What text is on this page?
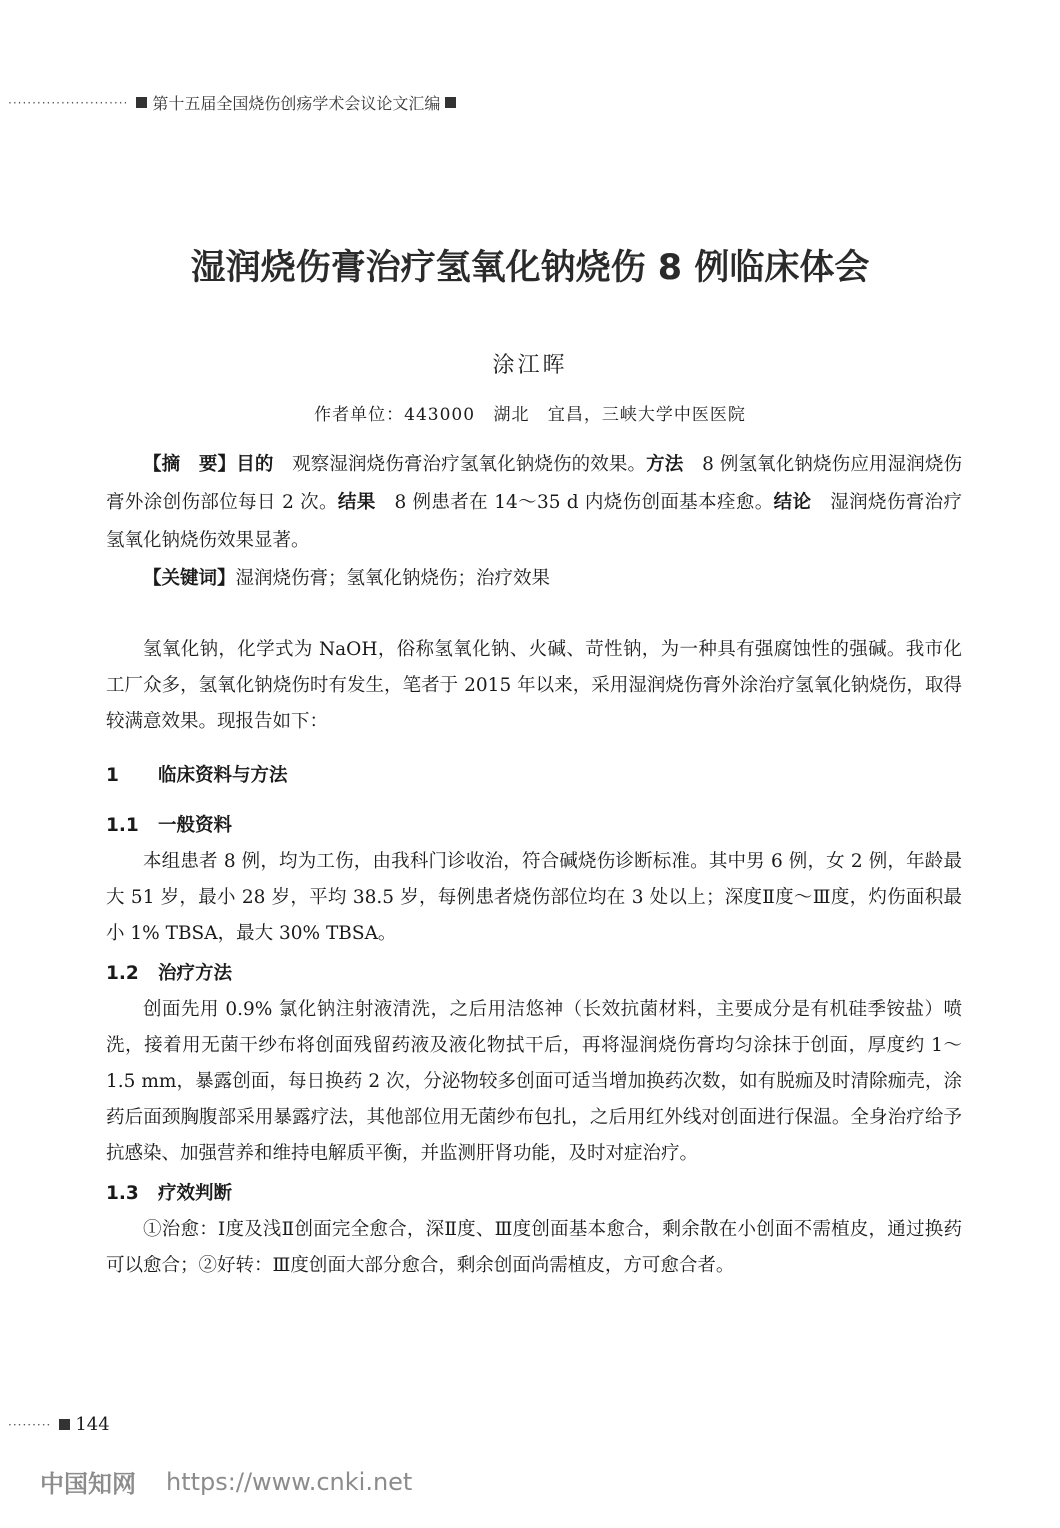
························· 第十五届全国烧伤创疡学术会议论文汇编
湿润烧伤膏治疗氢氧化钠烧伤 8 例临床体会
涂江晖
作者单位：443000 湖北 宜昌，三峡大学中医医院

【摘　要】目的　观察湿润烧伤膏治疗氢氧化钠烧伤的效果。方法　8 例氢氧化钠烧伤应用湿润烧伤膏外涂创伤部位每日 2 次。结果　8 例患者在 14～35 d 内烧伤创面基本痊愈。结论　湿润烧伤膏治疗氢氧化钠烧伤效果显著。

【关键词】湿润烧伤膏；氢氧化钠烧伤；治疗效果

氢氧化钠，化学式为 NaOH，俗称氢氧化钠、火碱、苛性钠，为一种具有强腐蚀性的强碱。我市化工厂众多，氢氧化钠烧伤时有发生，笔者于 2015 年以来，采用湿润烧伤膏外涂治疗氢氧化钠烧伤，取得较满意效果。现报告如下：

1 临床资料与方法
1.1 一般资料

本组患者 8 例，均为工伤，由我科门诊收治，符合碱烧伤诊断标准。其中男 6 例，女 2 例，年龄最大 51 岁，最小 28 岁，平均 38.5 岁，每例患者烧伤部位均在 3 处以上；深度Ⅱ度～Ⅲ度，灼伤面积最小 1% TBSA，最大 30% TBSA。

1.2 治疗方法

创面先用 0.9% 氯化钠注射液清洗，之后用洁悠神（长效抗菌材料，主要成分是有机硅季铵盐）喷洗，接着用无菌干纱布将创面残留药液及液化物拭干后，再将湿润烧伤膏均匀涂抹于创面，厚度约 1～1.5 mm，暴露创面，每日换药 2 次，分泌物较多创面可适当增加换药次数，如有脱痂及时清除痂壳，涂药后面颈胸腹部采用暴露疗法，其他部位用无菌纱布包扎，之后用红外线对创面进行保温。全身治疗给予抗感染、加强营养和维持电解质平衡，并监测肝肾功能，及时对症治疗。

1.3 疗效判断

①治愈：Ⅰ度及浅Ⅱ创面完全愈合，深Ⅱ度、Ⅲ度创面基本愈合，剩余散在小创面不需植皮，通过换药可以愈合；②好转：Ⅲ度创面大部分愈合，剩余创面尚需植皮，方可愈合者。

········· 144
中国知网 https://www.cnki.net
